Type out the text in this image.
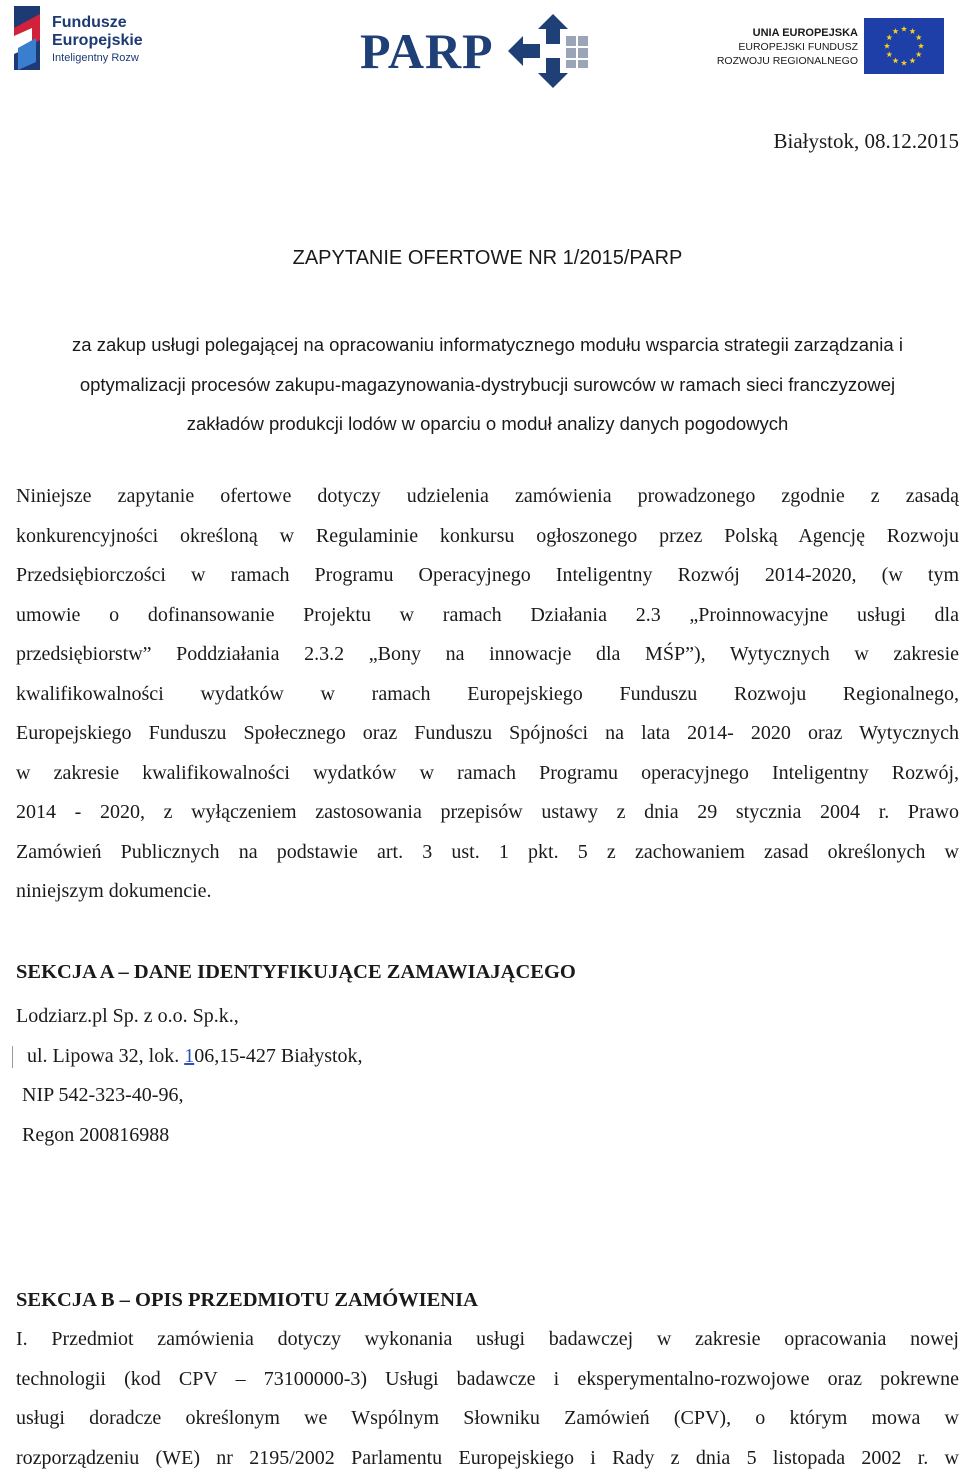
Fundusze
Europejskie
Inteligentny Rozw	PARP	UNIA EUROPEJSKA
EUROPEJSKI FUNDUSZ
ROZWOJU REGIONALNEGO
Białystok, 08.12.2015
ZAPYTANIE OFERTOWE NR 1/2015/PARP
za zakup usługi polegającej na opracowaniu informatycznego modułu wsparcia strategii zarządzania i
optymalizacji procesów zakupu-magazynowania-dystrybucji surowców w ramach sieci franczyzowej
zakładów produkcji lodów w oparciu o moduł analizy danych pogodowych
Niniejsze zapytanie ofertowe dotyczy udzielenia zamówienia prowadzonego zgodnie z zasadą
konkurencyjności określoną w Regulaminie konkursu ogłoszonego przez Polską Agencję Rozwoju
Przedsiębiorczości w ramach Programu Operacyjnego Inteligentny Rozwój 2014-2020, (w tym
umowie o dofinansowanie Projektu w ramach Działania 2.3 „Proinnowacyjne usługi dla
przedsiębiorstw” Poddziałania 2.3.2 „Bony na innowacje dla MŚP”), Wytycznych w zakresie
kwalifikowalności wydatków w ramach Europejskiego Funduszu Rozwoju Regionalnego,
Europejskiego Funduszu Społecznego oraz Funduszu Spójności na lata 2014- 2020 oraz Wytycznych
w zakresie kwalifikowalności wydatków w ramach Programu operacyjnego Inteligentny Rozwój,
2014 - 2020, z wyłączeniem zastosowania przepisów ustawy z dnia 29 stycznia 2004 r. Prawo
Zamówień Publicznych na podstawie art. 3 ust. 1 pkt. 5 z zachowaniem zasad określonych w
niniejszym dokumencie.
SEKCJA A – DANE IDENTYFIKUJĄCE ZAMAWIAJĄCEGO
Lodziarz.pl Sp. z o.o. Sp.k.,
ul. Lipowa 32, lok. 106,15-427 Białystok,
NIP 542-323-40-96,
Regon 200816988
SEKCJA B – OPIS PRZEDMIOTU ZAMÓWIENIA
I. Przedmiot zamówienia dotyczy wykonania usługi badawczej w zakresie opracowania nowej
technologii (kod CPV – 73100000-3) Usługi badawcze i eksperymentalno-rozwojowe oraz pokrewne
usługi doradcze określonym we Wspólnym Słowniku Zamówień (CPV), o którym mowa w
rozporządzeniu (WE) nr 2195/2002 Parlamentu Europejskiego i Rady z dnia 5 listopada 2002 r. w
